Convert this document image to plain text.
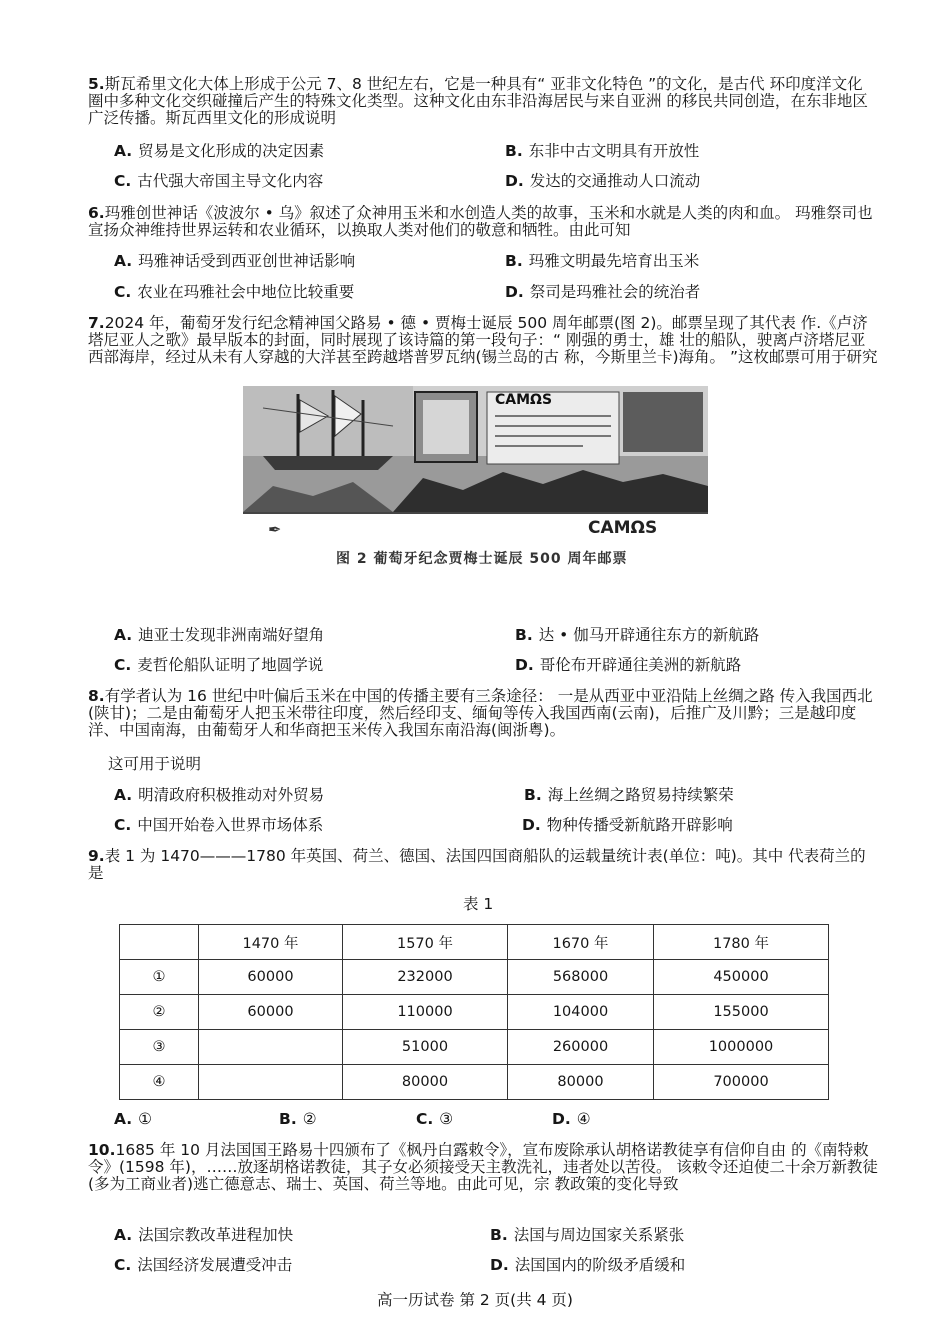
5.斯瓦希里文化大体上形成于公元 7、8 世纪左右，它是一种具有“ 亚非文化特色 ”的文化，是古代 环印度洋文化圈中多种文化交织碰撞后产生的特殊文化类型。这种文化由东非沿海居民与来自亚洲 的移民共同创造，在东非地区广泛传播。斯瓦西里文化的形成说明
A. 贸易是文化形成的决定因素	B. 东非中古文明具有开放性
C. 古代强大帝国主导文化内容	D. 发达的交通推动人口流动
6.玛雅创世神话《波波尔 • 乌》叙述了众神用玉米和水创造人类的故事，玉米和水就是人类的肉和血。 玛雅祭司也宣扬众神维持世界运转和农业循环，以换取人类对他们的敬意和牺牲。由此可知
A. 玛雅神话受到西亚创世神话影响	B. 玛雅文明最先培育出玉米
C. 农业在玛雅社会中地位比较重要	D. 祭司是玛雅社会的统治者
7.2024 年，葡萄牙发行纪念精神国父路易 • 德 • 贾梅士诞辰 500 周年邮票(图 2)。邮票呈现了其代表 作.《卢济塔尼亚人之歌》最早版本的封面，同时展现了该诗篇的第一段句子：“ 刚强的勇士，雄 壮的船队，驶离卢济塔尼亚西部海岸，经过从未有人穿越的大洋甚至跨越塔普罗瓦纳(锡兰岛的古 称，今斯里兰卡)海角。 ”这枚邮票可用于研究
CAMΩS
✒	CAMΩS
图 2 葡萄牙纪念贾梅士诞辰 500 周年邮票
A. 迪亚士发现非洲南端好望角	B. 达 • 伽马开辟通往东方的新航路
C. 麦哲伦船队证明了地圆学说	D. 哥伦布开辟通往美洲的新航路
8.有学者认为 16 世纪中叶偏后玉米在中国的传播主要有三条途径： 一是从西亚中亚沿陆上丝绸之路 传入我国西北(陕甘)；二是由葡萄牙人把玉米带往印度，然后经印支、缅甸等传入我国西南(云南)，后推广及川黔；三是越印度洋、中国南海，由葡萄牙人和华商把玉米传入我国东南沿海(闽浙粤)。
这可用于说明
A. 明清政府积极推动对外贸易	B. 海上丝绸之路贸易持续繁荣
C. 中国开始卷入世界市场体系	D. 物种传播受新航路开辟影响
9.表 1 为 1470———1780 年英国、荷兰、德国、法国四国商船队的运载量统计表(单位：吨)。其中 代表荷兰的是
表 1
	1470 年	1570 年	1670 年	1780 年
①	60000	232000	568000	450000
②	60000	110000	104000	155000
③		51000	260000	1000000
④		80000	80000	700000
A. ①	B. ②	C. ③	D. ④
10.1685 年 10 月法国国王路易十四颁布了《枫丹白露敕令》，宣布废除承认胡格诺教徒享有信仰自由 的《南特敕令》(1598 年)，……放逐胡格诺教徒，其子女必须接受天主教洗礼，违者处以苦役。 该敕令还迫使二十余万新教徒(多为工商业者)逃亡德意志、瑞士、英国、荷兰等地。由此可见，宗 教政策的变化导致
A. 法国宗教改革进程加快	B. 法国与周边国家关系紧张
C. 法国经济发展遭受冲击	D. 法国国内的阶级矛盾缓和
高一历试卷 第 2 页(共 4 页)
